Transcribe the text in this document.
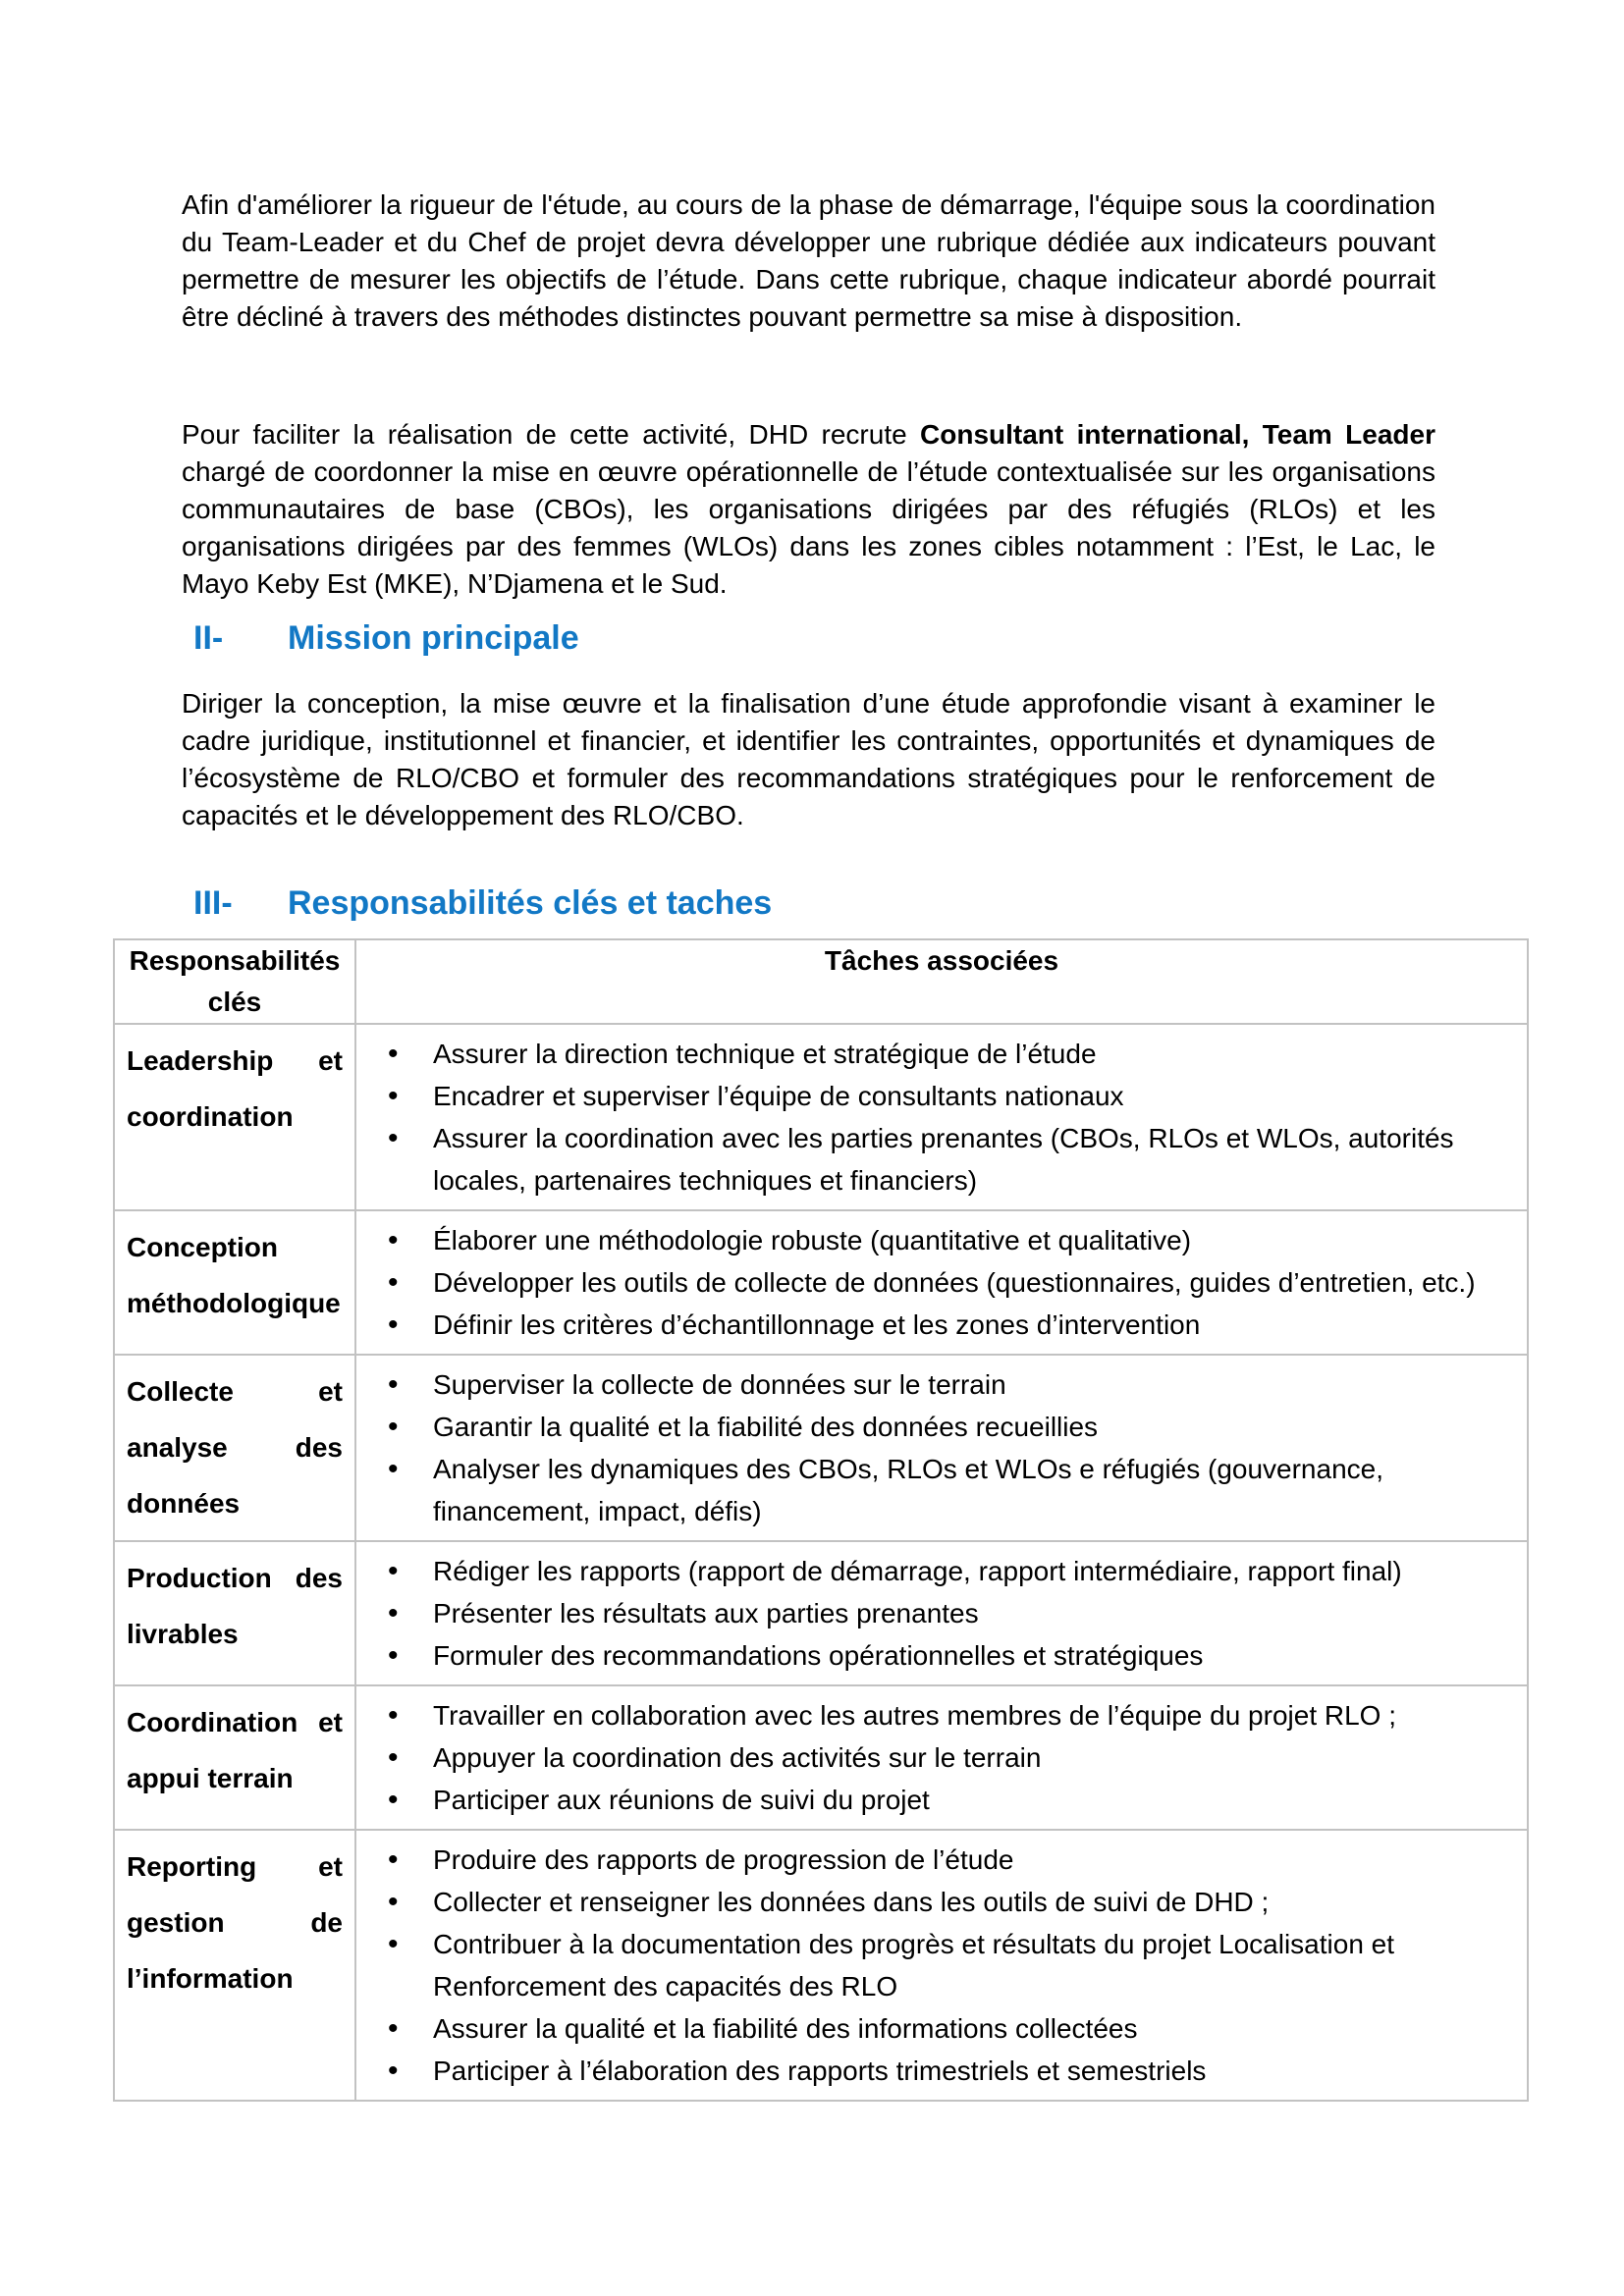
Afin d'améliorer la rigueur de l'étude, au cours de la phase de démarrage, l'équipe sous la coordination du Team-Leader et du Chef de projet devra développer une rubrique dédiée aux indicateurs pouvant permettre de mesurer les objectifs de l’étude. Dans cette rubrique, chaque indicateur abordé pourrait être décliné à travers des méthodes distinctes pouvant permettre sa mise à disposition.

Pour faciliter la réalisation de cette activité, DHD recrute Consultant international, Team Leader chargé de coordonner la mise en œuvre opérationnelle de l’étude contextualisée sur les organisations communautaires de base (CBOs), les organisations dirigées par des réfugiés (RLOs) et les organisations dirigées par des femmes (WLOs) dans les zones cibles notamment : l’Est, le Lac, le Mayo Keby Est (MKE), N’Djamena et le Sud.

II- Mission principale

Diriger la conception, la mise œuvre et la finalisation d’une étude approfondie visant à examiner le cadre juridique, institutionnel et financier, et identifier les contraintes, opportunités et dynamiques de l’écosystème de RLO/CBO et formuler des recommandations stratégiques pour le renforcement de capacités et le développement des RLO/CBO.

III- Responsabilités clés et taches
Responsabilités clés	Tâches associées
Leadership et coordination	
• Assurer la direction technique et stratégique de l’étude
• Encadrer et superviser l’équipe de consultants nationaux
• Assurer la coordination avec les parties prenantes (CBOs, RLOs et WLOs, autorités locales, partenaires techniques et financiers)

Conception méthodologique	
• Élaborer une méthodologie robuste (quantitative et qualitative)
• Développer les outils de collecte de données (questionnaires, guides d’entretien, etc.)
• Définir les critères d’échantillonnage et les zones d’intervention

Collecte et analyse des données	
• Superviser la collecte de données sur le terrain
• Garantir la qualité et la fiabilité des données recueillies
• Analyser les dynamiques des CBOs, RLOs et WLOs e réfugiés (gouvernance, financement, impact, défis)

Production des livrables	
• Rédiger les rapports (rapport de démarrage, rapport intermédiaire, rapport final)
• Présenter les résultats aux parties prenantes
• Formuler des recommandations opérationnelles et stratégiques

Coordination et appui terrain	
• Travailler en collaboration avec les autres membres de l’équipe du projet RLO ;
• Appuyer la coordination des activités sur le terrain
• Participer aux réunions de suivi du projet

Reporting et gestion de l’information	
• Produire des rapports de progression de l’étude
• Collecter et renseigner les données dans les outils de suivi de DHD ;
• Contribuer à la documentation des progrès et résultats du projet Localisation et Renforcement des capacités des RLO
• Assurer la qualité et la fiabilité des informations collectées
• Participer à l’élaboration des rapports trimestriels et semestriels
